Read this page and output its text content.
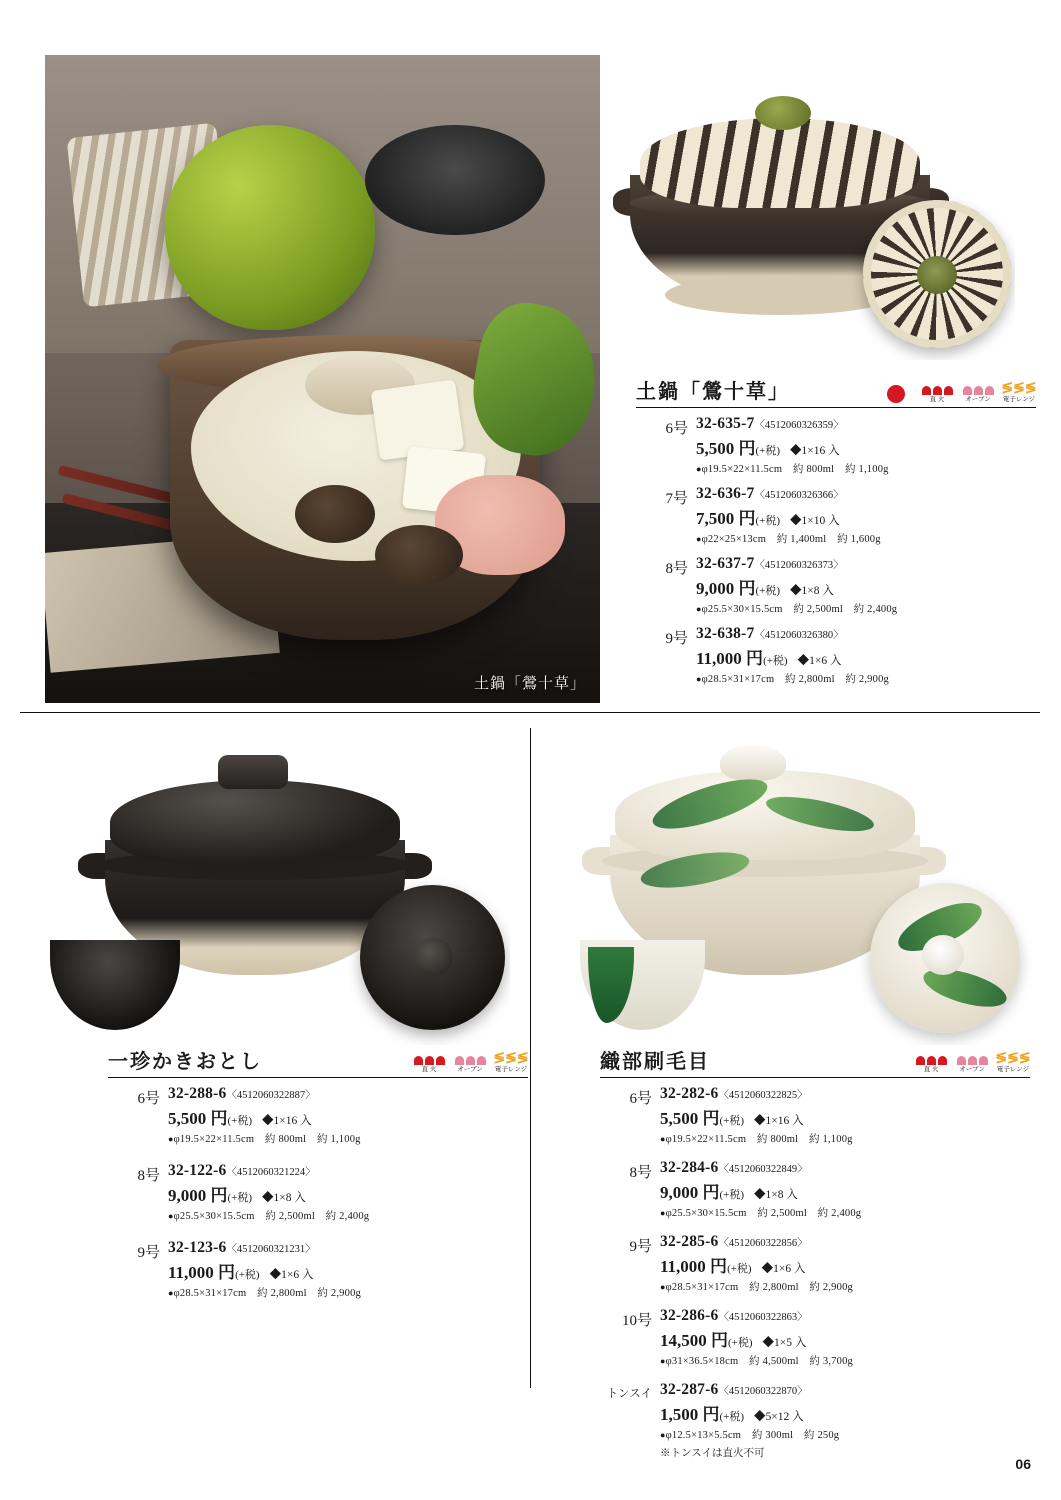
土鍋「鶯十草」
土鍋「鶯十草」	直 火	オーブン
≶≶≶
電子レンジ
6号 32-635-7〈4512060326359〉
5,500 円(+税) ◆1×16 入
●φ19.5×22×11.5cm　約 800ml　約 1,100g
7号 32-636-7〈4512060326366〉
7,500 円(+税) ◆1×10 入
●φ22×25×13cm　約 1,400ml　約 1,600g
8号 32-637-7〈4512060326373〉
9,000 円(+税) ◆1×8 入
●φ25.5×30×15.5cm　約 2,500ml　約 2,400g
9号 32-638-7〈4512060326380〉
11,000 円(+税) ◆1×6 入
●φ28.5×31×17cm　約 2,800ml　約 2,900g
一珍かきおとし	直 火	オーブン
≶≶≶
電子レンジ
6号 32-288-6〈4512060322887〉
5,500 円(+税) ◆1×16 入
●φ19.5×22×11.5cm　約 800ml　約 1,100g
8号 32-122-6〈4512060321224〉
9,000 円(+税) ◆1×8 入
●φ25.5×30×15.5cm　約 2,500ml　約 2,400g
9号 32-123-6〈4512060321231〉
11,000 円(+税) ◆1×6 入
●φ28.5×31×17cm　約 2,800ml　約 2,900g
織部刷毛目	直 火	オーブン
≶≶≶
電子レンジ
6号 32-282-6〈4512060322825〉
5,500 円(+税) ◆1×16 入
●φ19.5×22×11.5cm　約 800ml　約 1,100g
8号 32-284-6〈4512060322849〉
9,000 円(+税) ◆1×8 入
●φ25.5×30×15.5cm　約 2,500ml　約 2,400g
9号 32-285-6〈4512060322856〉
11,000 円(+税) ◆1×6 入
●φ28.5×31×17cm　約 2,800ml　約 2,900g
10号 32-286-6〈4512060322863〉
14,500 円(+税) ◆1×5 入
●φ31×36.5×18cm　約 4,500ml　約 3,700g
トンスイ 32-287-6〈4512060322870〉
1,500 円(+税) ◆5×12 入
●φ12.5×13×5.5cm　約 300ml　約 250g
※トンスイは直火不可
06
